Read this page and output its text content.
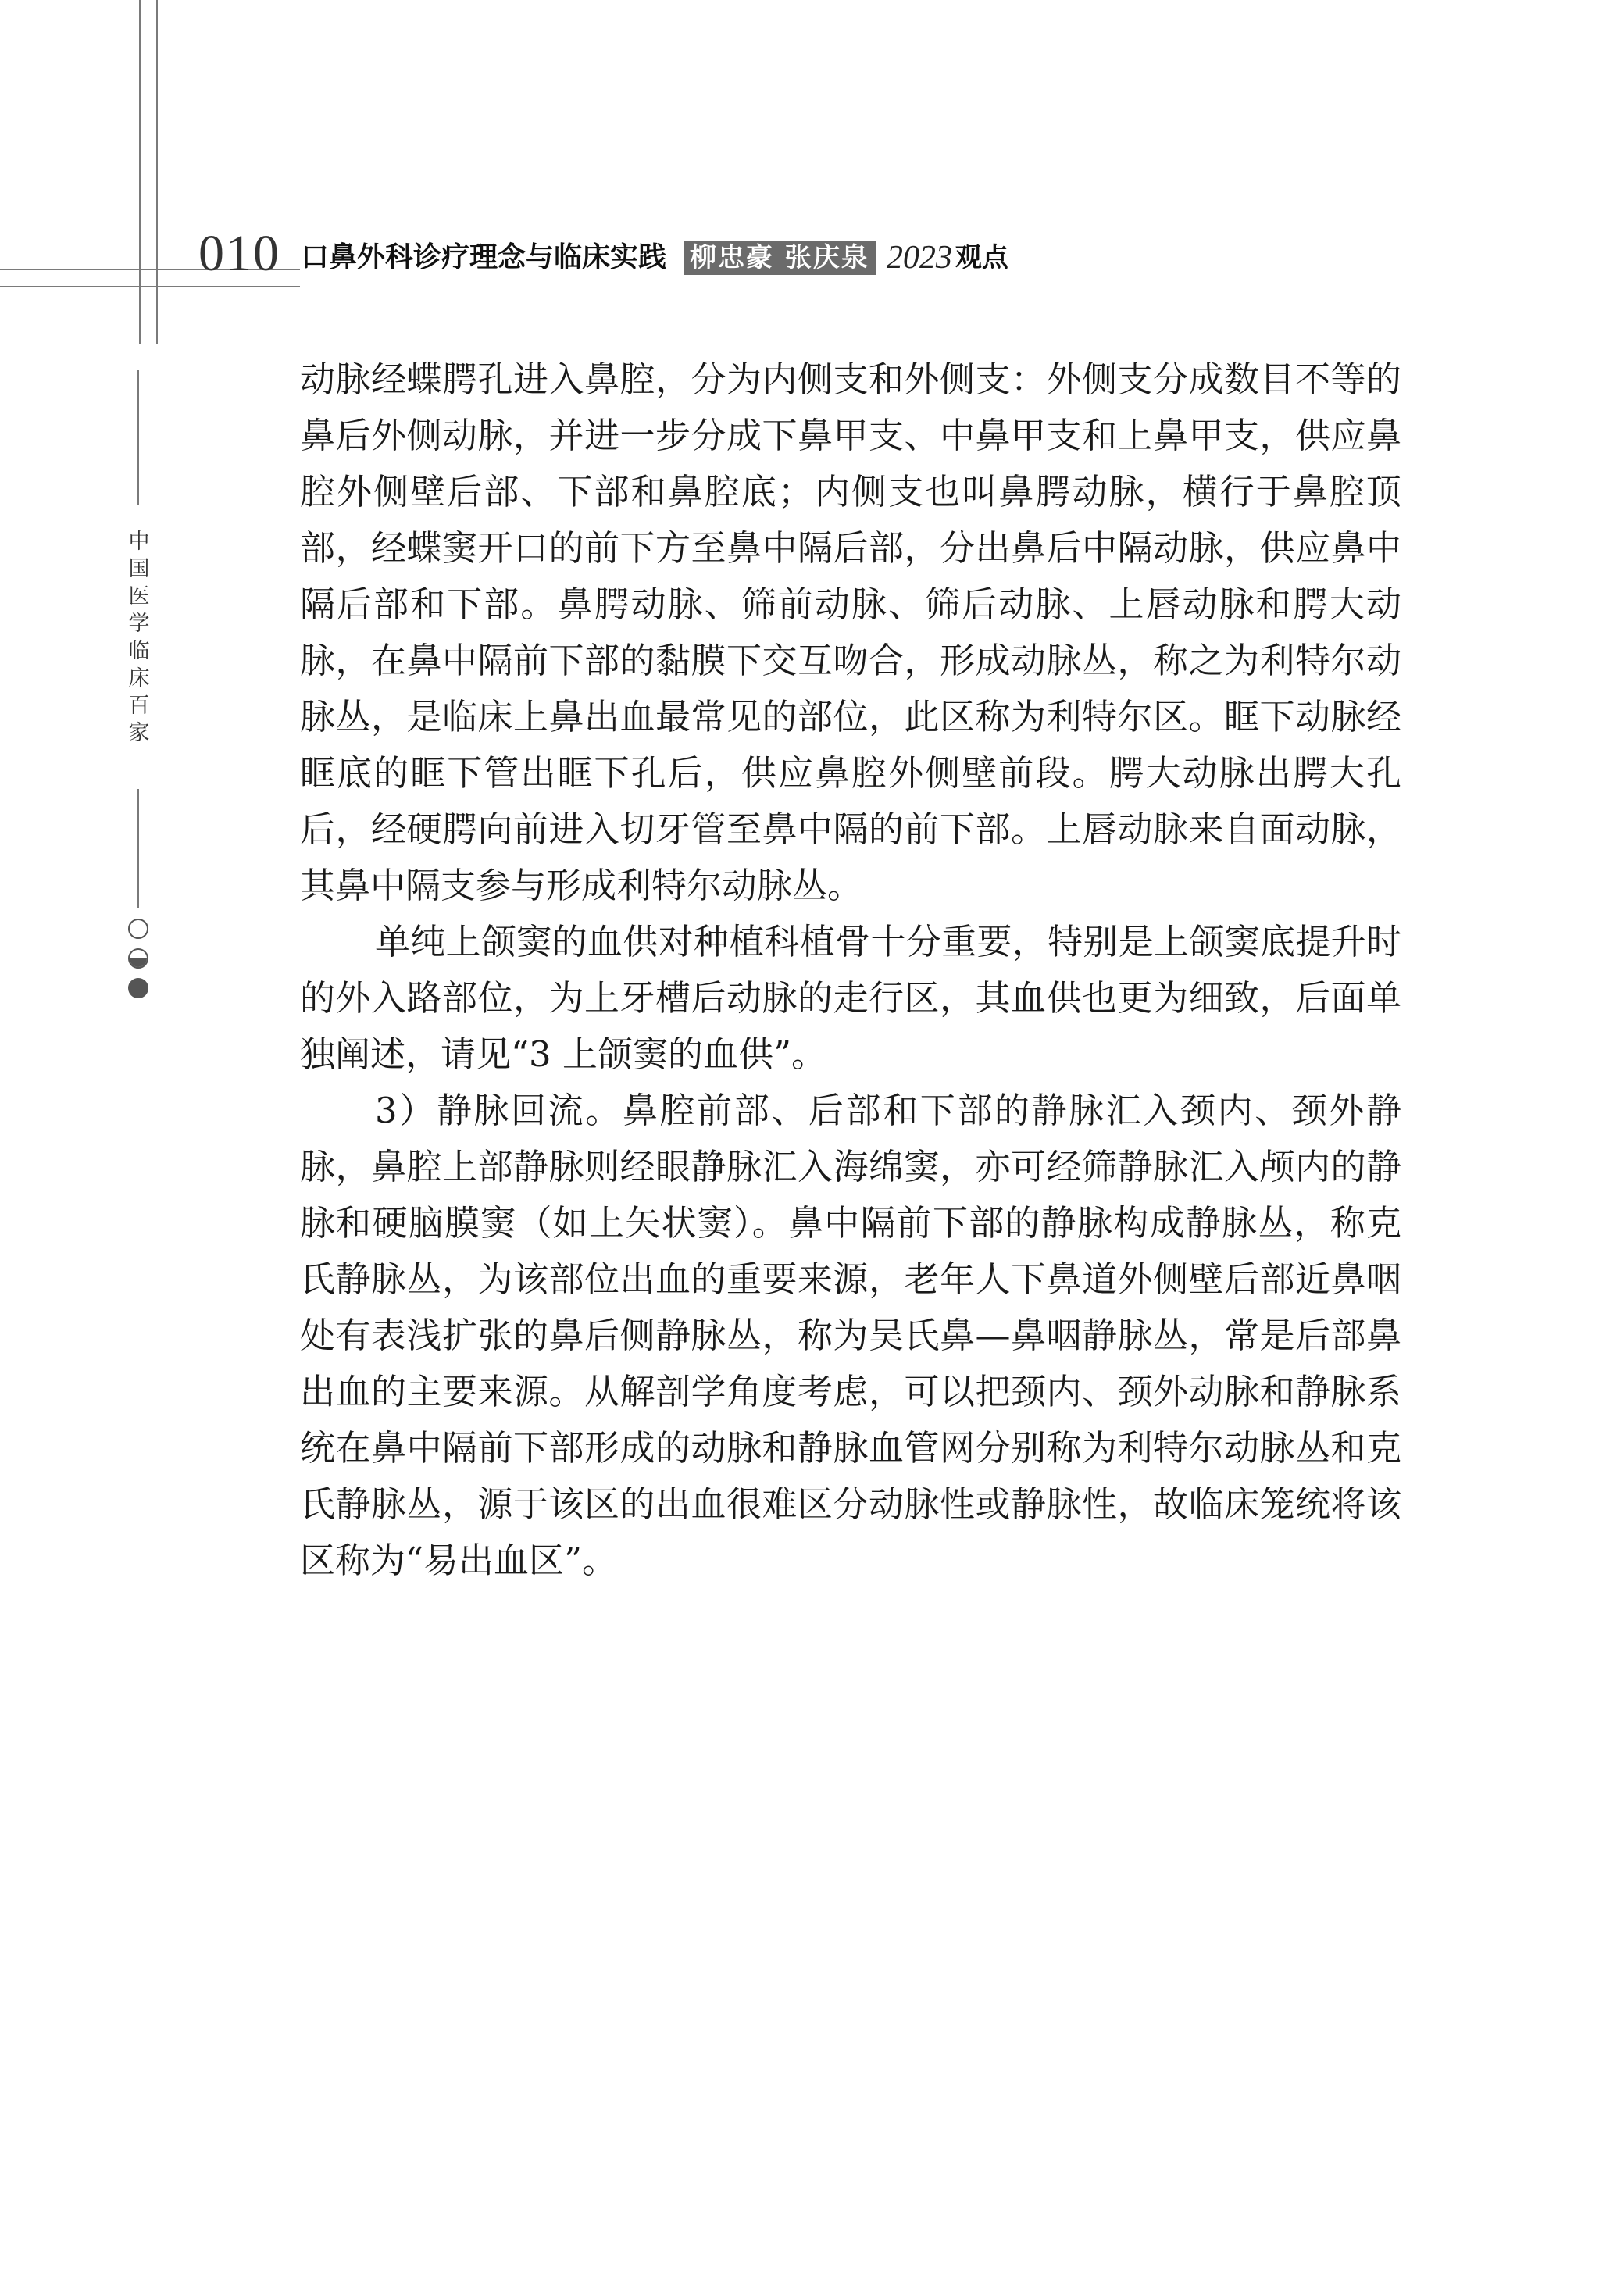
010 口鼻外科诊疗理念与临床实践 柳忠豪 张庆泉 2023 观点
中国医学临床百家

动脉经蝶腭孔进入鼻腔，分为内侧支和外侧支：外侧支分成数目不等的鼻后外侧动脉，并进一步分成下鼻甲支、中鼻甲支和上鼻甲支，供应鼻腔外侧壁后部、下部和鼻腔底；内侧支也叫鼻腭动脉，横行于鼻腔顶部，经蝶窦开口的前下方至鼻中隔后部，分出鼻后中隔动脉，供应鼻中隔后部和下部。鼻腭动脉、筛前动脉、筛后动脉、上唇动脉和腭大动脉，在鼻中隔前下部的黏膜下交互吻合，形成动脉丛，称之为利特尔动脉丛，是临床上鼻出血最常见的部位，此区称为利特尔区。眶下动脉经眶底的眶下管出眶下孔后，供应鼻腔外侧壁前段。腭大动脉出腭大孔后，经硬腭向前进入切牙管至鼻中隔的前下部。上唇动脉来自面动脉，其鼻中隔支参与形成利特尔动脉丛。

单纯上颌窦的血供对种植科植骨十分重要，特别是上颌窦底提升时的外入路部位，为上牙槽后动脉的走行区，其血供也更为细致，后面单独阐述，请见“3 上颌窦的血供”。

3）静脉回流。鼻腔前部、后部和下部的静脉汇入颈内、颈外静脉，鼻腔上部静脉则经眼静脉汇入海绵窦，亦可经筛静脉汇入颅内的静脉和硬脑膜窦（如上矢状窦）。鼻中隔前下部的静脉构成静脉丛，称克氏静脉丛，为该部位出血的重要来源，老年人下鼻道外侧壁后部近鼻咽处有表浅扩张的鼻后侧静脉丛，称为吴氏鼻—鼻咽静脉丛，常是后部鼻出血的主要来源。从解剖学角度考虑，可以把颈内、颈外动脉和静脉系统在鼻中隔前下部形成的动脉和静脉血管网分别称为利特尔动脉丛和克氏静脉丛，源于该区的出血很难区分动脉性或静脉性，故临床笼统将该区称为“易出血区”。
